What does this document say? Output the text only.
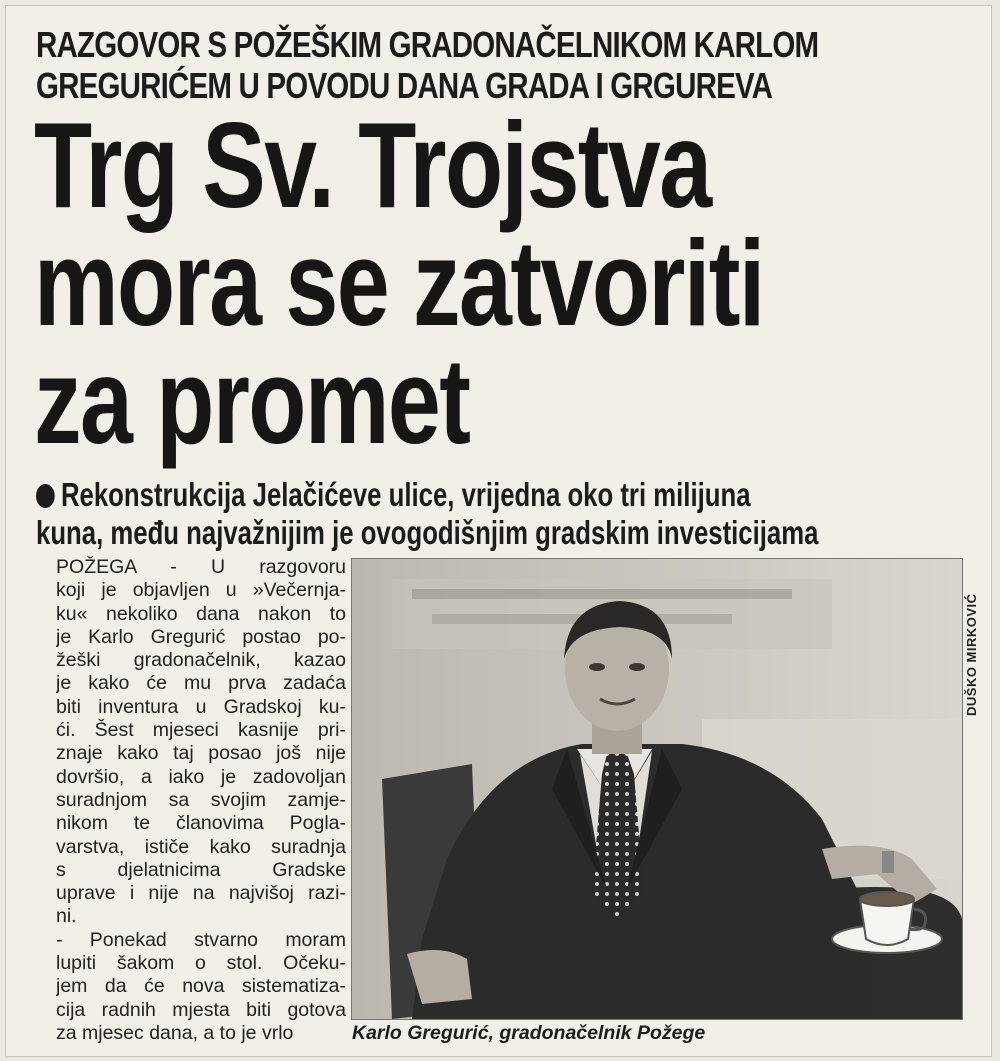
RAZGOVOR S POŽEŠKIM GRADONAČELNIKOM KARLOM
GREGURIĆEM U POVODU DANA GRADA I GRGUREVA
Trg Sv. Trojstva
mora se zatvoriti
za promet
Rekonstrukcija Jelačićeve ulice, vrijedna oko tri milijuna
kuna, među najvažnijim je ovogodišnjim gradskim investicijama
POŽEGA - U razgovoru
koji je objavljen u »Večernja-
ku« nekoliko dana nakon to
je Karlo Gregurić postao po-
žeški gradonačelnik, kazao
je kako će mu prva zadaća
biti inventura u Gradskoj ku-
ći. Šest mjeseci kasnije pri-
znaje kako taj posao još nije
dovršio, a iako je zadovoljan
suradnjom sa svojim zamje-
nikom te članovima Pogla-
varstva, ističe kako suradnja
s djelatnicima Gradske
uprave i nije na najvišoj razi-
ni.
- Ponekad stvarno moram
lupiti šakom o stol. Očeku-
jem da će nova sistematiza-
cija radnih mjesta biti gotova
za mjesec dana, a to je vrlo
DUŠKO MIRKOVIĆ
Karlo Gregurić, gradonačelnik Požege
